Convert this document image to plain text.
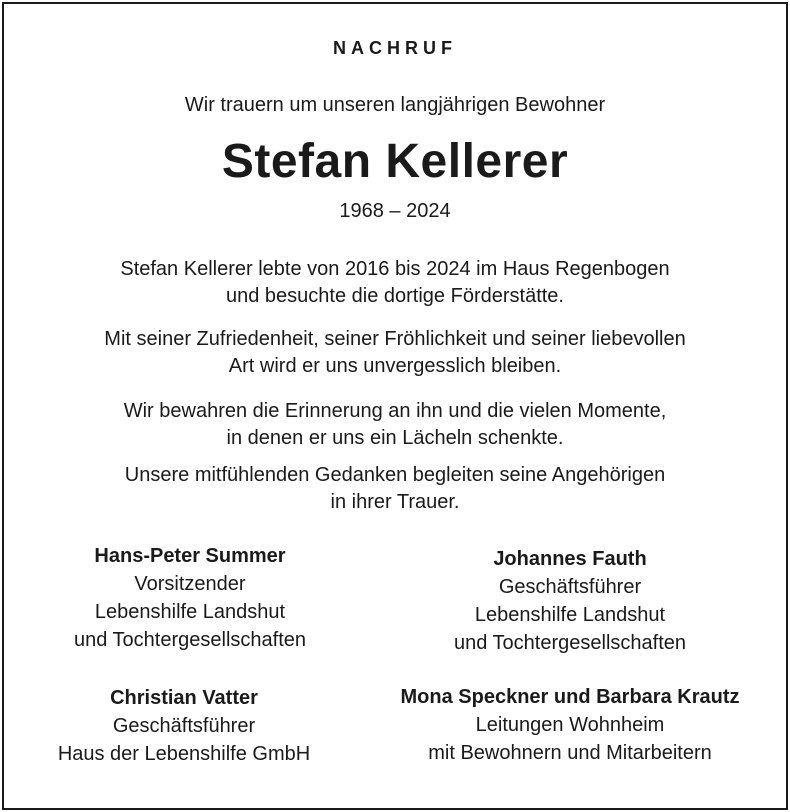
NACHRUF
Wir trauern um unseren langjährigen Bewohner
Stefan Kellerer
1968 – 2024
Stefan Kellerer lebte von 2016 bis 2024 im Haus Regenbogen
und besuchte die dortige Förderstätte.
Mit seiner Zufriedenheit, seiner Fröhlichkeit und seiner liebevollen
Art wird er uns unvergesslich bleiben.
Wir bewahren die Erinnerung an ihn und die vielen Momente,
in denen er uns ein Lächeln schenkte.
Unsere mitfühlenden Gedanken begleiten seine Angehörigen
in ihrer Trauer.
Hans-Peter Summer
Vorsitzender
Lebenshilfe Landshut
und Tochtergesellschaften
Johannes Fauth
Geschäftsführer
Lebenshilfe Landshut
und Tochtergesellschaften
Christian Vatter
Geschäftsführer
Haus der Lebenshilfe GmbH
Mona Speckner und Barbara Krautz
Leitungen Wohnheim
mit Bewohnern und Mitarbeitern
